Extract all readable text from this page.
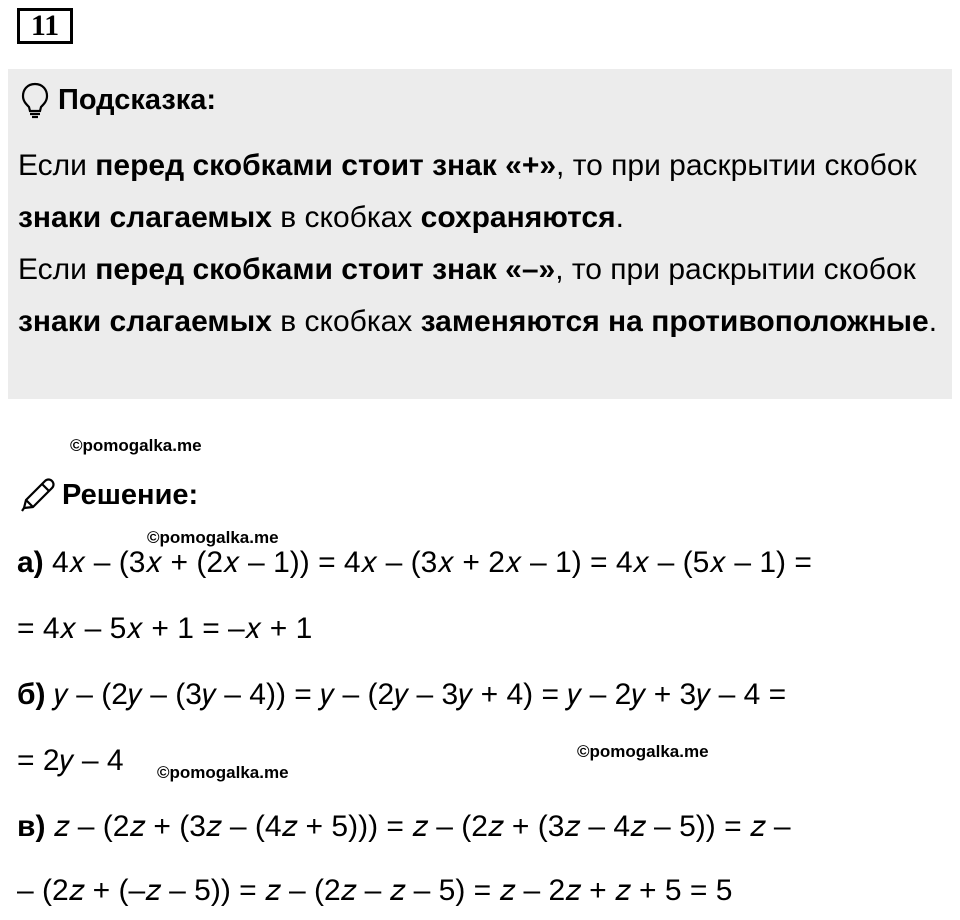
11
Подсказка:
Если перед скобками стоит знак «+», то при раскрытии скобок знаки слагаемых в скобках сохраняются.
Если перед скобками стоит знак «–», то при раскрытии скобок знаки слагаемых в скобках заменяются на противоположные.
©pomogalka.me
Решение:
©pomogalka.me
а) 4𝑥 – (3𝑥 + (2𝑥 – 1)) = 4𝑥 – (3𝑥 + 2𝑥 – 1) = 4𝑥 – (5𝑥 – 1) =
= 4𝑥 – 5𝑥 + 1 = –𝑥 + 1
б) 𝑦 – (2𝑦 – (3𝑦 – 4)) = 𝑦 – (2𝑦 – 3𝑦 + 4) = 𝑦 – 2𝑦 + 3𝑦 – 4 =
= 2𝑦 – 4	©pomogalka.me
©pomogalka.me
в) 𝑧 – (2𝑧 + (3𝑧 – (4𝑧 + 5))) = 𝑧 – (2𝑧 + (3𝑧 – 4𝑧 – 5)) = 𝑧 –
– (2𝑧 + (–𝑧 – 5)) = 𝑧 – (2𝑧 – 𝑧 – 5) = 𝑧 – 2𝑧 + 𝑧 + 5 = 5
